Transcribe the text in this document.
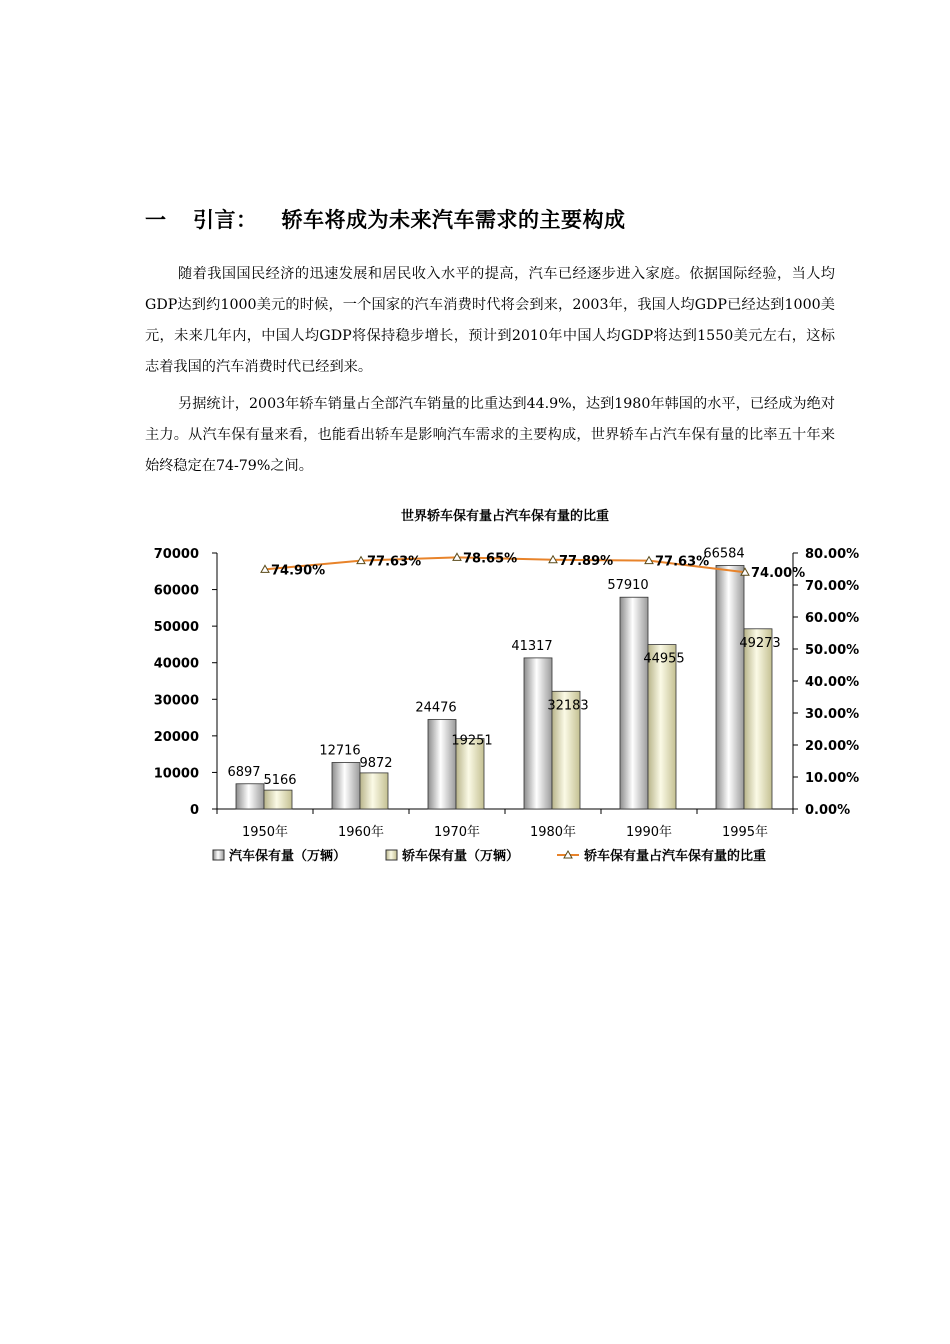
一 引言： 轿车将成为未来汽车需求的主要构成

随着我国国民经济的迅速发展和居民收入水平的提高，汽车已经逐步进入家庭。依据国际经验，当人均GDP达到约1000美元的时候，一个国家的汽车消费时代将会到来，2003年，我国人均GDP已经达到1000美元，未来几年内，中国人均GDP将保持稳步增长，预计到2010年中国人均GDP将达到1550美元左右，这标志着我国的汽车消费时代已经到来。

另据统计，2003年轿车销量占全部汽车销量的比重达到44.9%，达到1980年韩国的水平，已经成为绝对主力。从汽车保有量来看，也能看出轿车是影响汽车需求的主要构成，世界轿车占汽车保有量的比率五十年来始终稳定在74-79%之间。

世界轿车保有量占汽车保有量的比重
0
10000
20000
30000
40000
50000
60000
70000
0.00%
10.00%
20.00%
30.00%
40.00%
50.00%
60.00%
70.00%
80.00%
6897
5166
1950年
12716
9872
1960年
24476
19251
1970年
41317
32183
1980年
57910
44955
1990年
66584
49273
1995年
74.90%
77.63%	78.65%	77.89%	77.63%
74.00%
汽车保有量（万辆）	轿车保有量（万辆）	轿车保有量占汽车保有量的比重
